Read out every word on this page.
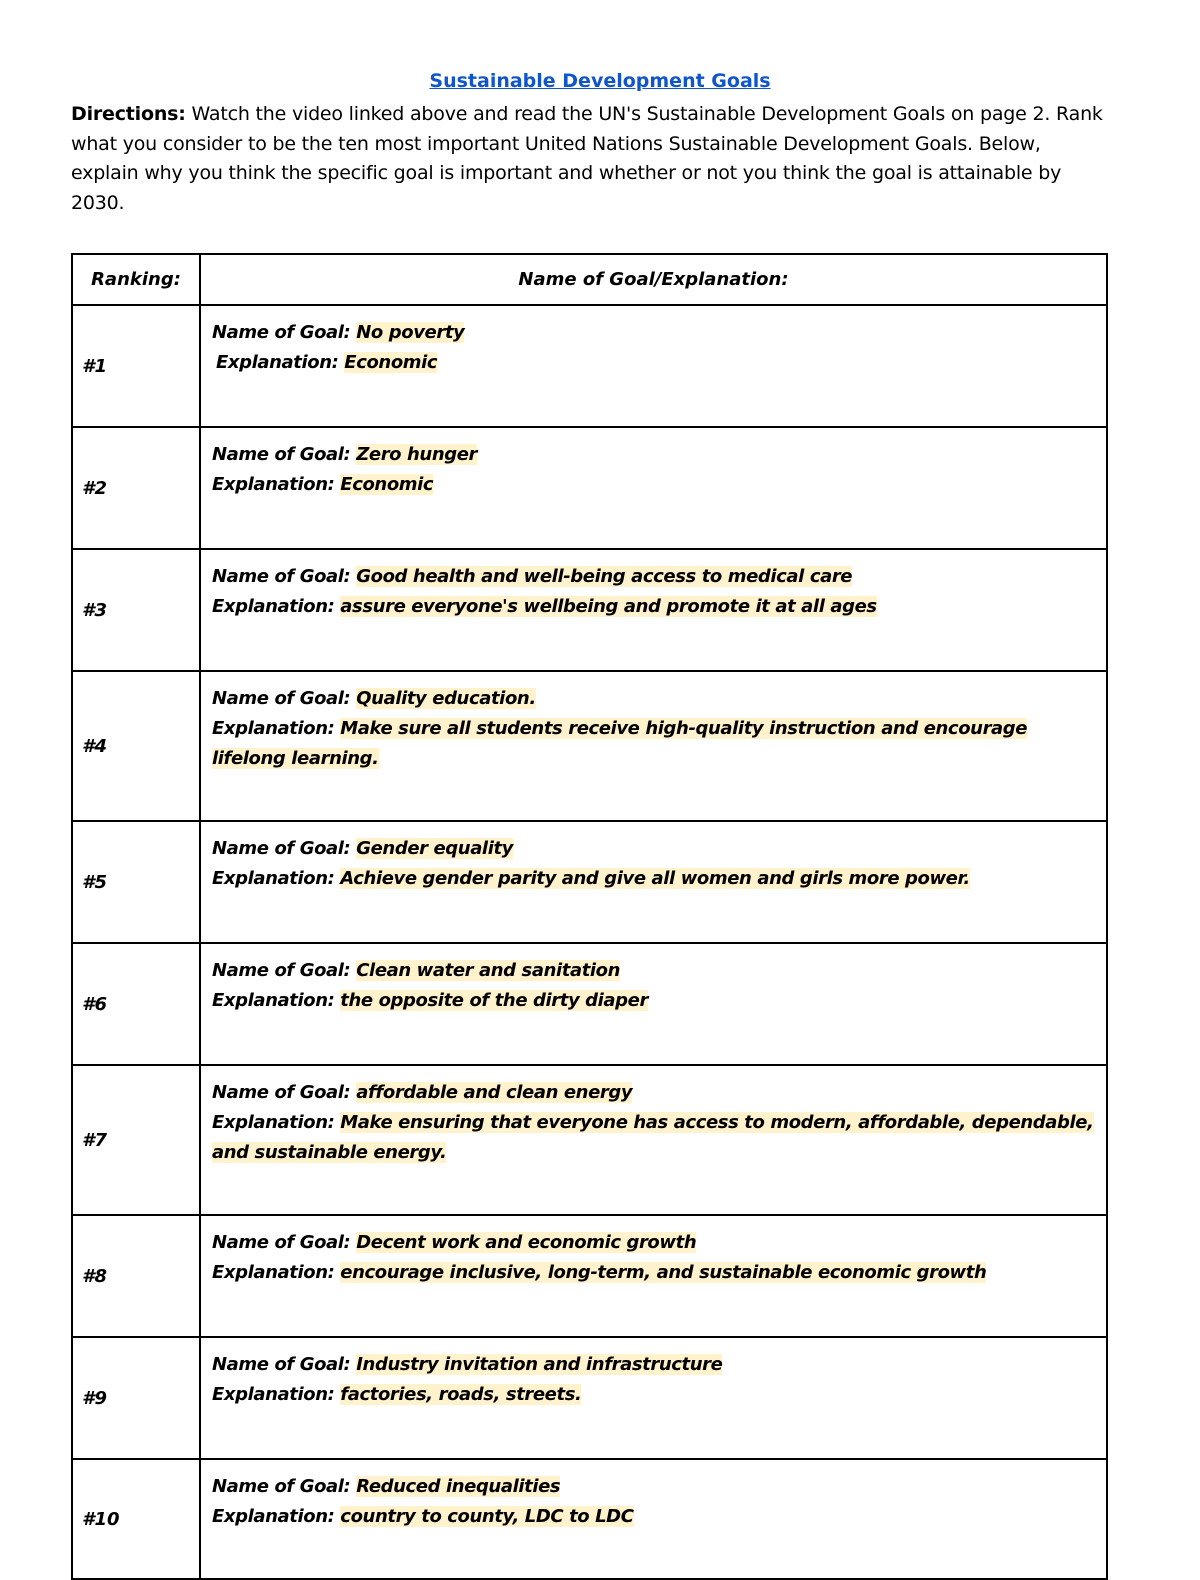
Sustainable Development Goals
Directions: Watch the video linked above and read the UN's Sustainable Development Goals on page 2. Rank what you consider to be the ten most important United Nations Sustainable Development Goals. Below, explain why you think the specific goal is important and whether or not you think the goal is attainable by 2030.
Ranking:	Name of Goal/Explanation:
#1	Name of Goal: No poverty
Explanation: Economic

#2	Name of Goal: Zero hunger
Explanation: Economic

#3	Name of Goal: Good health and well-being access to medical care
Explanation: assure everyone's wellbeing and promote it at all ages

#4	Name of Goal: Quality education.
Explanation: Make sure all students receive high-quality instruction and encourage lifelong learning.

#5	Name of Goal: Gender equality
Explanation: Achieve gender parity and give all women and girls more power.

#6	Name of Goal: Clean water and sanitation
Explanation: the opposite of the dirty diaper

#7	Name of Goal: affordable and clean energy
Explanation: Make ensuring that everyone has access to modern, affordable, dependable, and sustainable energy.

#8	Name of Goal: Decent work and economic growth
Explanation: encourage inclusive, long-term, and sustainable economic growth

#9	Name of Goal: Industry invitation and infrastructure
Explanation: factories, roads, streets.

#10	Name of Goal: Reduced inequalities
Explanation: country to county, LDC to LDC
